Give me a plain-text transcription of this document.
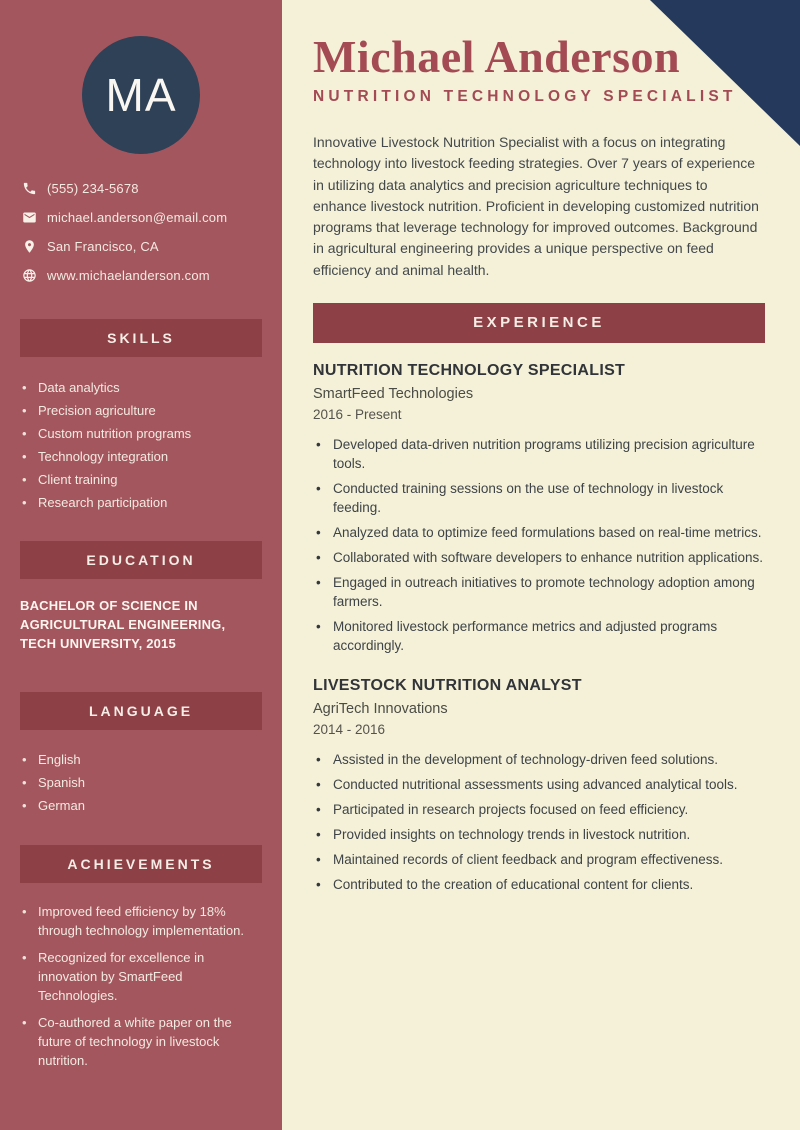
MA
(555) 234-5678
michael.anderson@email.com
San Francisco, CA
www.michaelanderson.com
SKILLS
• Data analytics
• Precision agriculture
• Custom nutrition programs
• Technology integration
• Client training
• Research participation
EDUCATION
BACHELOR OF SCIENCE IN AGRICULTURAL ENGINEERING, TECH UNIVERSITY, 2015
LANGUAGE
• English
• Spanish
• German
ACHIEVEMENTS
• Improved feed efficiency by 18% through technology implementation.
• Recognized for excellence in innovation by SmartFeed Technologies.
• Co-authored a white paper on the future of technology in livestock nutrition.
Michael Anderson
NUTRITION TECHNOLOGY SPECIALIST

Innovative Livestock Nutrition Specialist with a focus on integrating technology into livestock feeding strategies. Over 7 years of experience in utilizing data analytics and precision agriculture techniques to enhance livestock nutrition. Proficient in developing customized nutrition programs that leverage technology for improved outcomes. Background in agricultural engineering provides a unique perspective on feed efficiency and animal health.

EXPERIENCE
NUTRITION TECHNOLOGY SPECIALIST
SmartFeed Technologies
2016 - Present
• Developed data-driven nutrition programs utilizing precision agriculture tools.
• Conducted training sessions on the use of technology in livestock feeding.
• Analyzed data to optimize feed formulations based on real-time metrics.
• Collaborated with software developers to enhance nutrition applications.
• Engaged in outreach initiatives to promote technology adoption among farmers.
• Monitored livestock performance metrics and adjusted programs accordingly.
LIVESTOCK NUTRITION ANALYST
AgriTech Innovations
2014 - 2016
• Assisted in the development of technology-driven feed solutions.
• Conducted nutritional assessments using advanced analytical tools.
• Participated in research projects focused on feed efficiency.
• Provided insights on technology trends in livestock nutrition.
• Maintained records of client feedback and program effectiveness.
• Contributed to the creation of educational content for clients.
